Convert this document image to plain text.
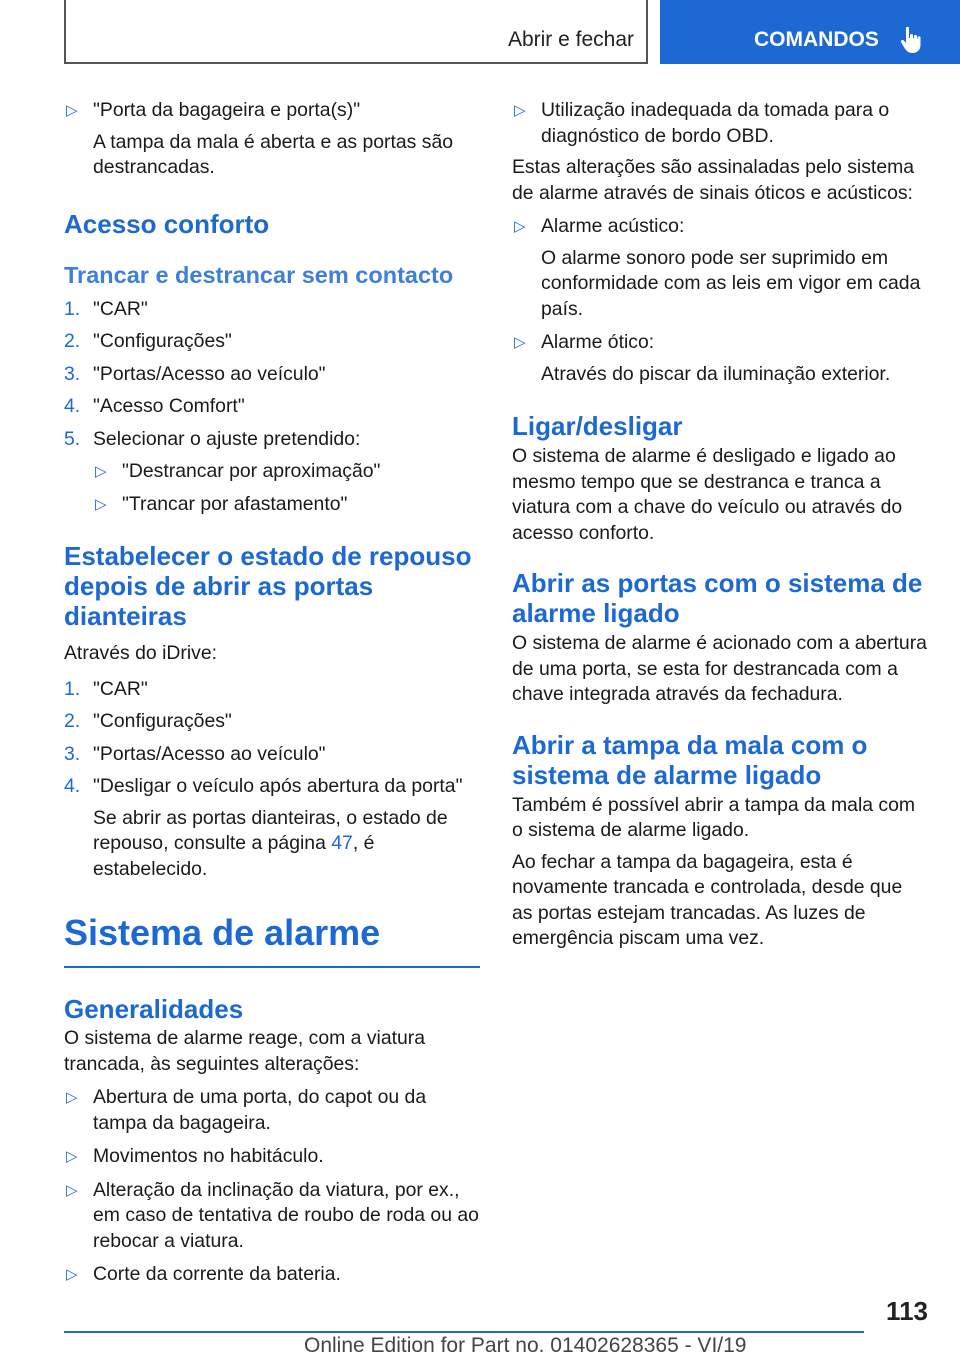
Abrir e fechar	COMANDOS

▷ "Porta da bagageira e porta(s)"

A tampa da mala é aberta e as portas são destrancadas.

Acesso conforto

Trancar e destrancar sem contacto

1. "CAR"

2. "Configurações"

3. "Portas/Acesso ao veículo"

4. "Acesso Comfort"

5. Selecionar o ajuste pretendido:

▷ "Destrancar por aproximação"

▷ "Trancar por afastamento"

Estabelecer o estado de repouso depois de abrir as portas dianteiras

Através do iDrive:

1. "CAR"

2. "Configurações"

3. "Portas/Acesso ao veículo"

4. "Desligar o veículo após abertura da porta"

Se abrir as portas dianteiras, o estado de repouso, consulte a página 47, é estabelecido.

Sistema de alarme

Generalidades

O sistema de alarme reage, com a viatura trancada, às seguintes alterações:

▷ Abertura de uma porta, do capot ou da tampa da bagageira.

▷ Movimentos no habitáculo.

▷ Alteração da inclinação da viatura, por ex., em caso de tentativa de roubo de roda ou ao rebocar a viatura.

▷ Corte da corrente da bateria.

▷ Utilização inadequada da tomada para o diagnóstico de bordo OBD.

Estas alterações são assinaladas pelo sistema de alarme através de sinais óticos e acústicos:

▷ Alarme acústico:

O alarme sonoro pode ser suprimido em conformidade com as leis em vigor em cada país.

▷ Alarme ótico:

Através do piscar da iluminação exterior.

Ligar/desligar

O sistema de alarme é desligado e ligado ao mesmo tempo que se destranca e tranca a viatura com a chave do veículo ou através do acesso conforto.

Abrir as portas com o sistema de alarme ligado

O sistema de alarme é acionado com a abertura de uma porta, se esta for destrancada com a chave integrada através da fechadura.

Abrir a tampa da mala com o sistema de alarme ligado

Também é possível abrir a tampa da mala com o sistema de alarme ligado.

Ao fechar a tampa da bagageira, esta é novamente trancada e controlada, desde que as portas estejam trancadas. As luzes de emergência piscam uma vez.

113
Online Edition for Part no. 01402628365 - VI/19
